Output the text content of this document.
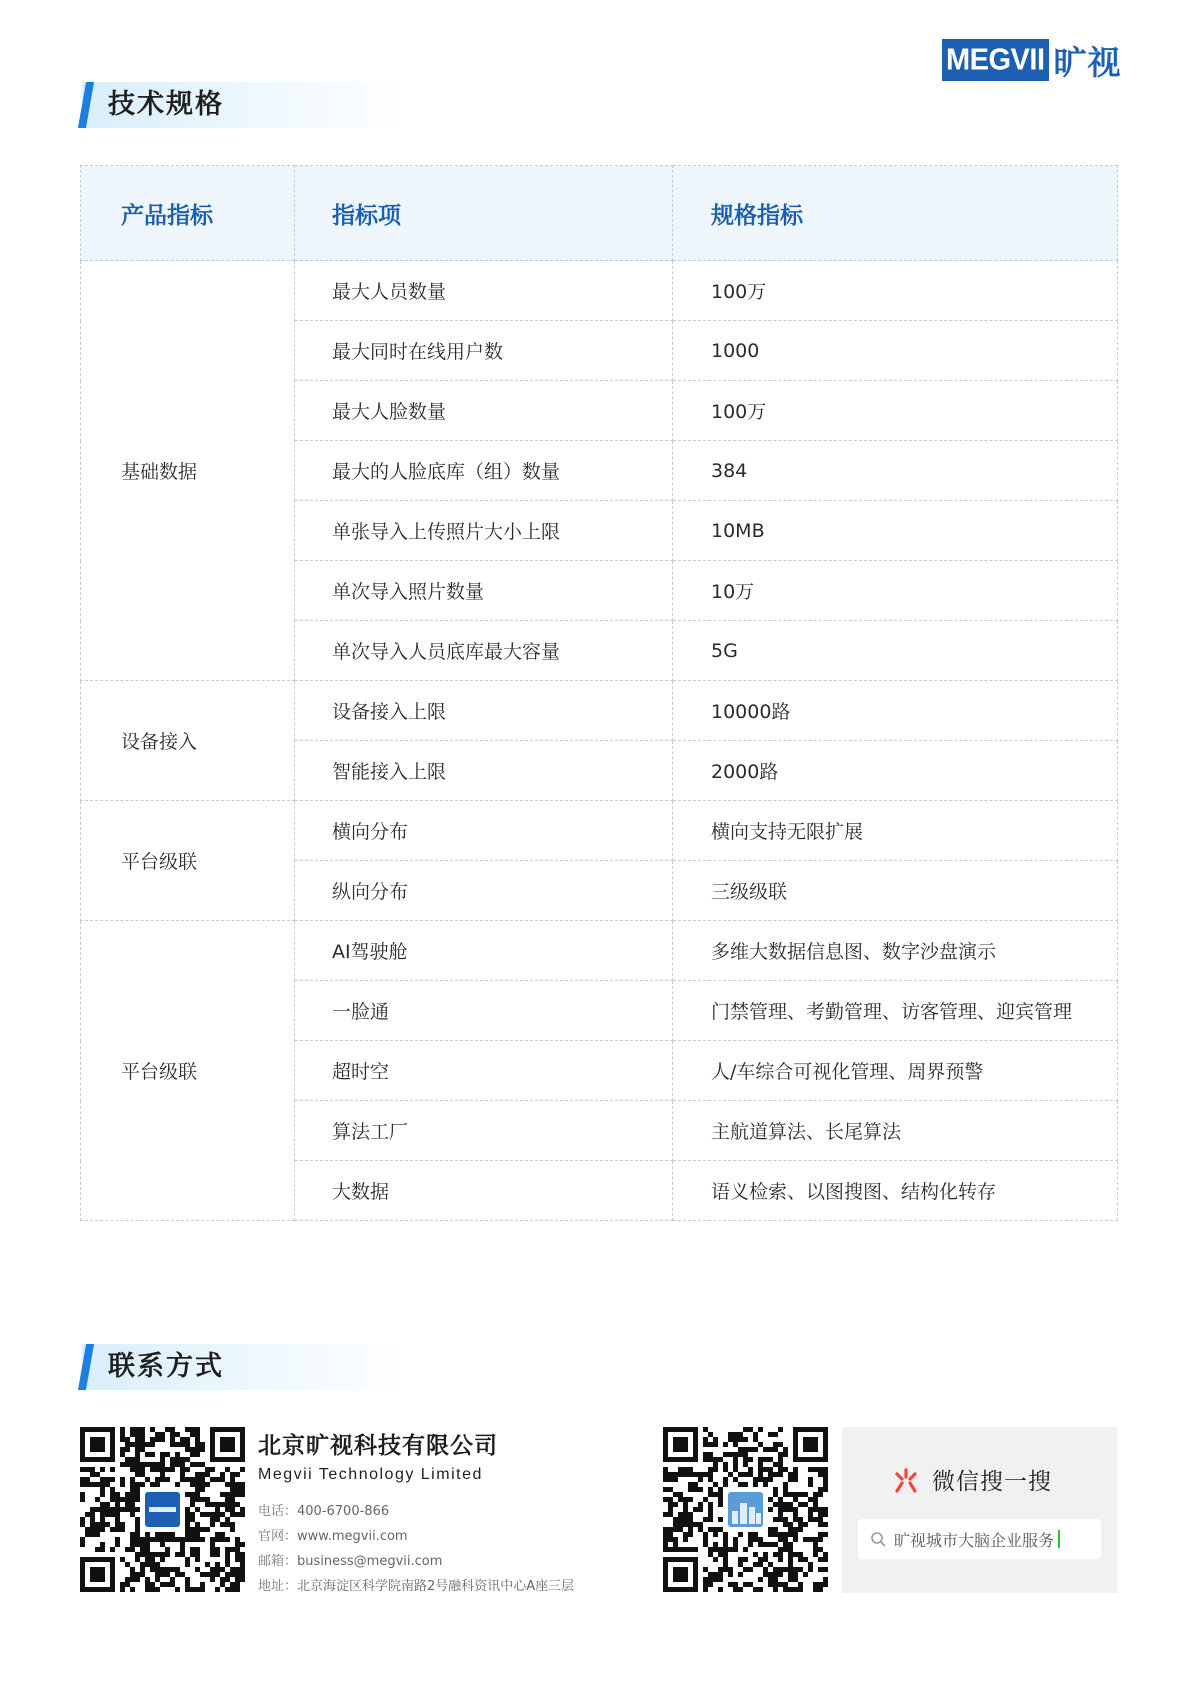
MEGVII 旷视
技术规格
产品指标	指标项	规格指标
基础数据	最大人员数量	100万
	最大同时在线用户数	1000
	最大人脸数量	100万
	最大的人脸底库（组）数量	384
	单张导入上传照片大小上限	10MB
	单次导入照片数量	10万
	单次导入人员底库最大容量	5G
设备接入	设备接入上限	10000路
	智能接入上限	2000路
平台级联	横向分布	横向支持无限扩展
	纵向分布	三级级联
平台级联	AI驾驶舱	多维大数据信息图、数字沙盘演示
	一脸通	门禁管理、考勤管理、访客管理、迎宾管理
	超时空	人/车综合可视化管理、周界预警
	算法工厂	主航道算法、长尾算法
	大数据	语义检索、以图搜图、结构化转存
联系方式
北京旷视科技有限公司
Megvii Technology Limited
电话：400-6700-866
官网：www.megvii.com
邮箱：business@megvii.com
地址：北京海淀区科学院南路2号融科资讯中心A座三层
微信搜一搜
旷视城市大脑企业服务
